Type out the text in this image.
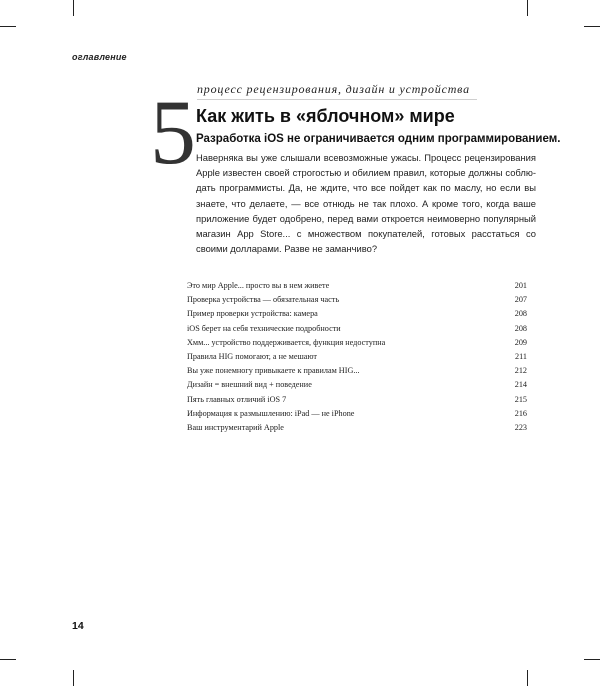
оглавление
5 процесс рецензирования, дизайн и устройства
Как жить в «яблочном» мире
Разработка iOS не ограничивается одним программированием.

Наверняка вы уже слышали всевозможные ужасы. Процесс рецензирования Apple известен своей строгостью и обилием правил, которые должны соблюдать программисты. Да, не ждите, что все пойдет как по маслу, но если вы знаете, что делаете, — все отнюдь не так плохо. А кроме того, когда ваше приложение будет одобрено, перед вами откроется неимоверно популярный магазин App Store... с множеством покупателей, готовых расстаться со своими долларами. Разве не заманчиво?

Это мир Apple... просто вы в нем живете	201
Проверка устройства — обязательная часть	207
Пример проверки устройства: камера	208
iOS берет на себя технические подробности	208
Хмм... устройство поддерживается, функция недоступна	209
Правила HIG помогают, а не мешают	211
Вы уже понемногу привыкаете к правилам HIG...	212
Дизайн = внешний вид + поведение	214
Пять главных отличий iOS 7	215
Информация к размышлению: iPad — не iPhone	216
Ваш инструментарий Apple	223
14
